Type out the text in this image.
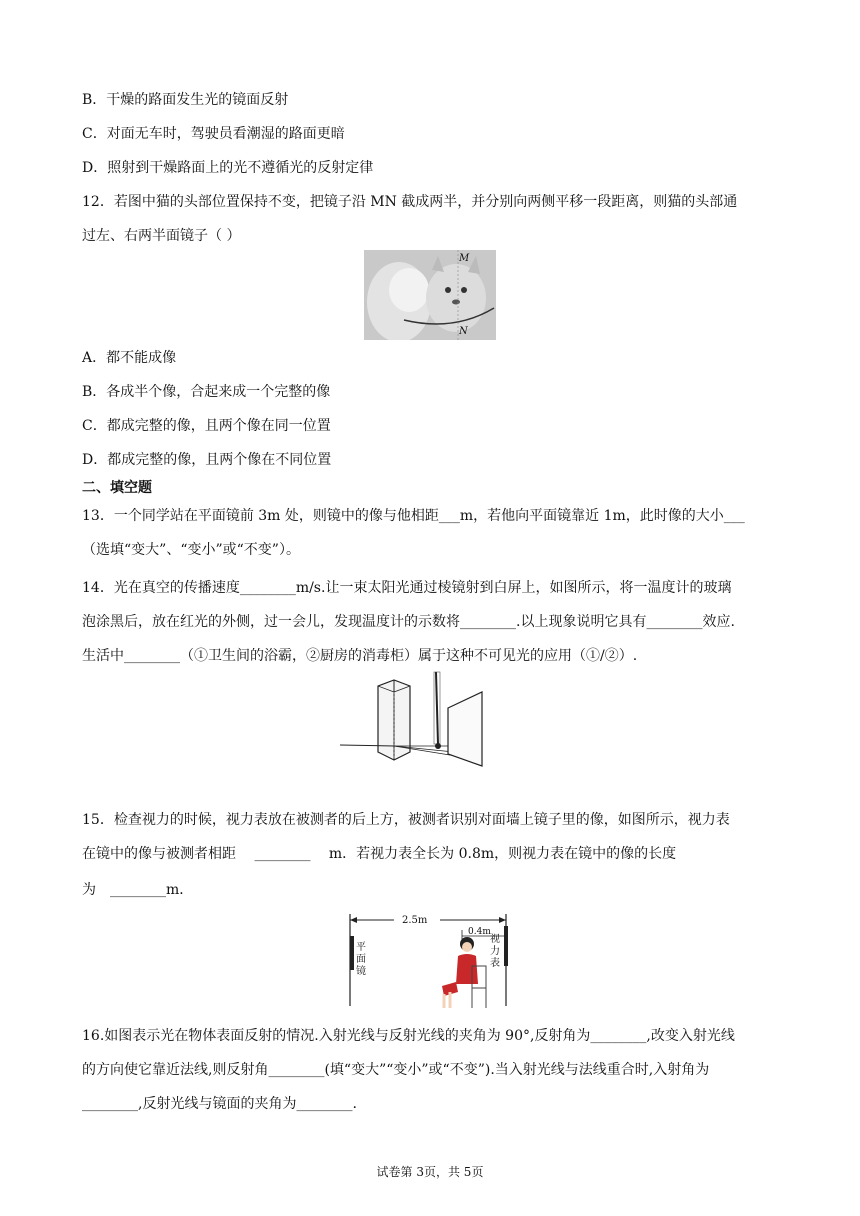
B．干燥的路面发生光的镜面反射
C．对面无车时，驾驶员看潮湿的路面更暗
D．照射到干燥路面上的光不遵循光的反射定律
12．若图中猫的头部位置保持不变，把镜子沿 MN 截成两半，并分别向两侧平移一段距离，则猫的头部通
过左、右两半面镜子（ ）
M
N
A．都不能成像
B．各成半个像，合起来成一个完整的像
C．都成完整的像，且两个像在同一位置
D．都成完整的像，且两个像在不同位置
二、填空题
13．一个同学站在平面镜前 3m 处，则镜中的像与他相距___m，若他向平面镜靠近 1m，此时像的大小___
（选填“变大”、“变小”或“不变”）。
14．光在真空的传播速度________m/s.让一束太阳光通过棱镜射到白屏上，如图所示，将一温度计的玻璃
泡涂黑后，放在红光的外侧，过一会儿，发现温度计的示数将________.以上现象说明它具有________效应.
生活中________（①卫生间的浴霸，②厨房的消毒柜）属于这种不可见光的应用（①/②）.
15．检查视力的时候，视力表放在被测者的后上方，被测者识别对面墙上镜子里的像，如图所示，视力表
在镜中的像与被测者相距　 ________　 m．若视力表全长为 0.8m，则视力表在镜中的像的长度
为　________m．
2.5m
0.4m
平
面
镜
视
力
表
16.如图表示光在物体表面反射的情况.入射光线与反射光线的夹角为 90°,反射角为________,改变入射光线
的方向使它靠近法线,则反射角________(填“变大”“变小”或“不变”).当入射光线与法线重合时,入射角为
________,反射光线与镜面的夹角为________.
试卷第 3页，共 5页
